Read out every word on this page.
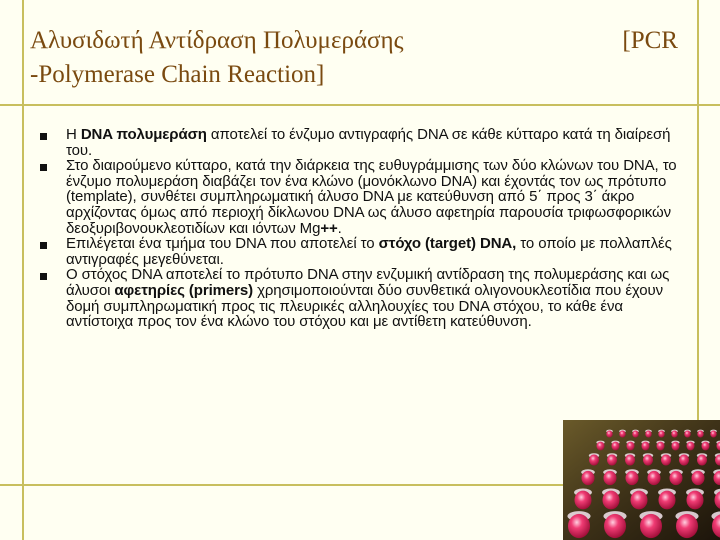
Αλυσιδωτή Αντίδραση Πολυμεράσης	[PCR
-Polymerase Chain Reaction]
Η DNA πολυμεράση αποτελεί το ένζυμο αντιγραφής DNA σε κάθε κύτταρο κατά τη διαίρεσή του.
Στο διαιρούμενο κύτταρο, κατά την διάρκεια της ευθυγράμμισης των δύο κλώνων του DNA, το ένζυμο πολυμεράση διαβάζει τον ένα κλώνο (μονόκλωνο DNA) και έχοντάς τον ως πρότυπο (template), συνθέτει συμπληρωματική άλυσο DNA με κατεύθυνση από 5΄ προς 3΄ άκρο αρχίζοντας όμως από περιοχή δίκλωνου DNA ως άλυσο αφετηρία παρουσία τριφωσφορικών δεοξυριβονουκλεοτιδίων και ιόντων Mg++.
Επιλέγεται ένα τμήμα του DNA που αποτελεί το στόχο (target) DNA, το οποίο με πολλαπλές αντιγραφές μεγεθύνεται.
Ο στόχος DNA αποτελεί το πρότυπο DNA στην ενζυμική αντίδραση της πολυμεράσης και ως άλυσοι αφετηρίες (primers) χρησιμοποιούνται δύο συνθετικά ολιγονουκλεοτίδια που έχουν δομή συμπληρωματική προς τις πλευρικές αλληλουχίες του DNA στόχου, το κάθε ένα αντίστοιχα προς τον ένα κλώνο του στόχου και με αντίθετη κατεύθυνση.
